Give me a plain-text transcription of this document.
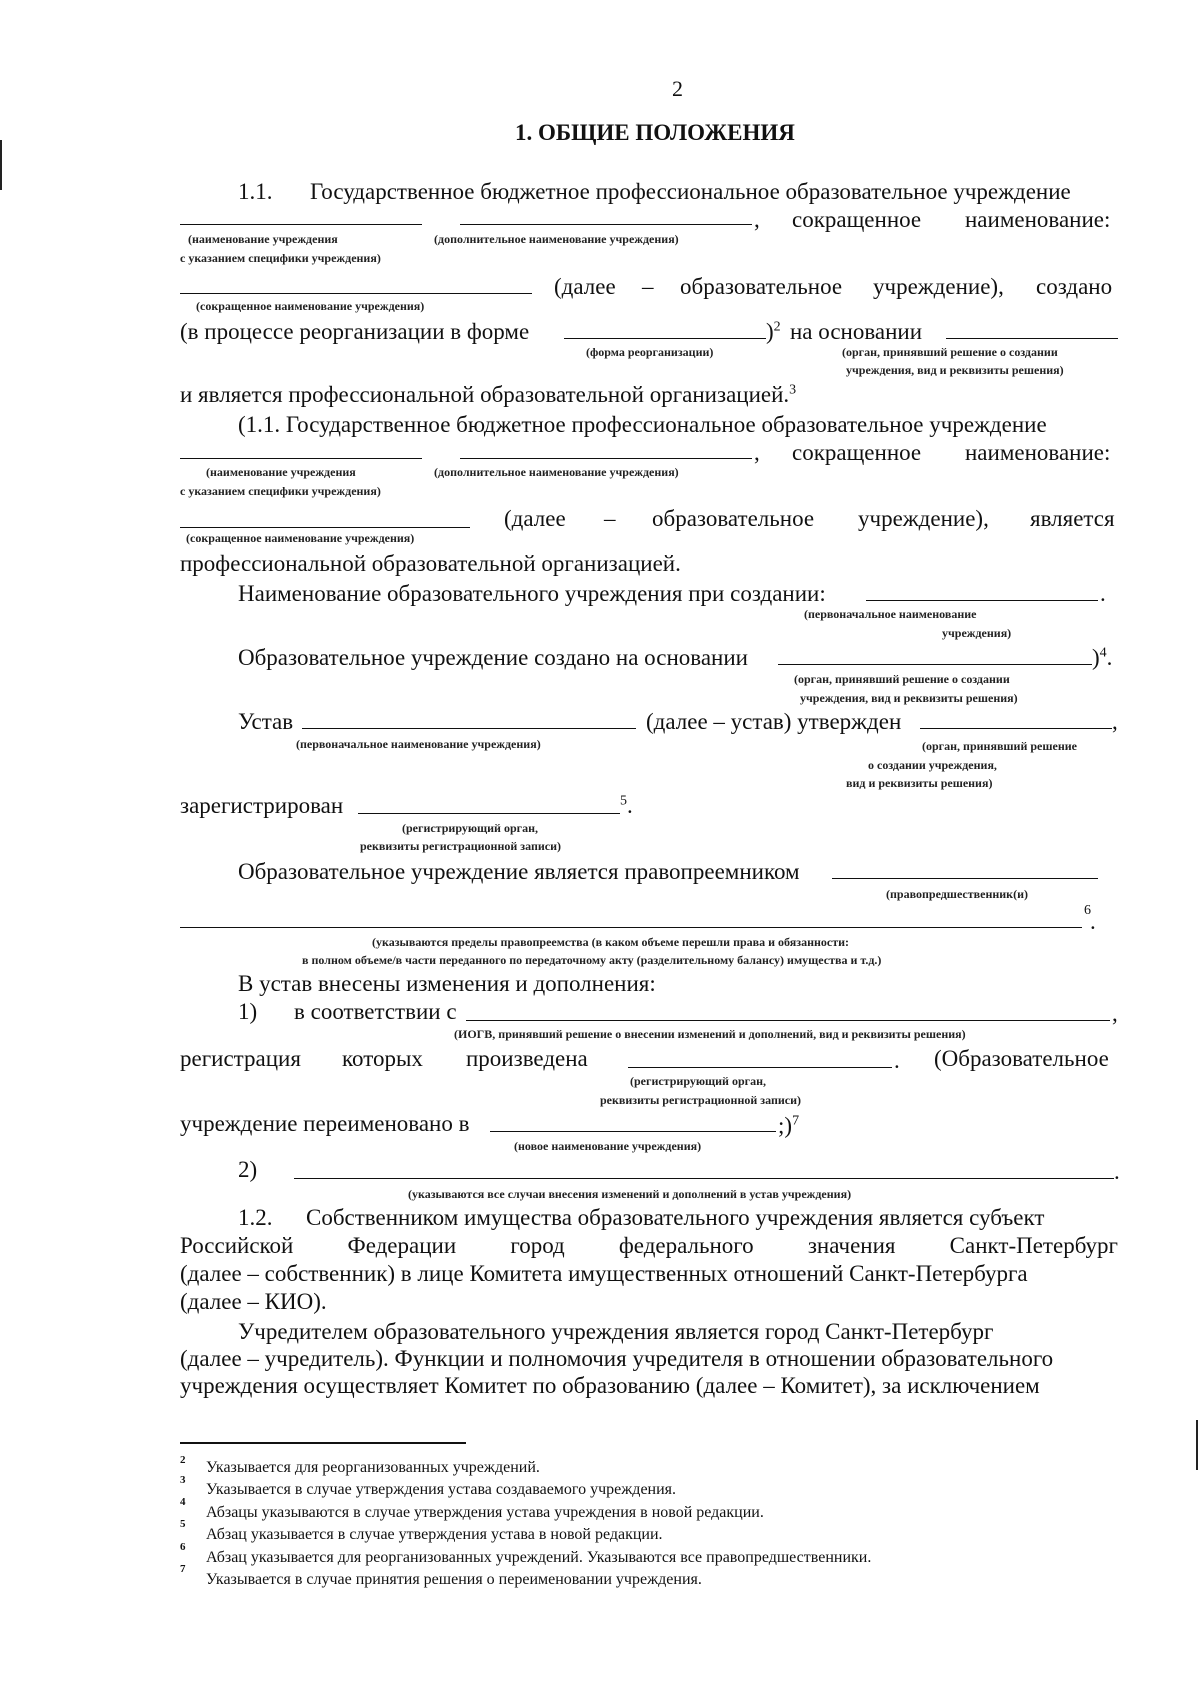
2
1. ОБЩИЕ ПОЛОЖЕНИЯ
1.1. Государственное бюджетное профессиональное образовательное учреждение
, сокращенное наименование:
(наименование учреждения
с указанием специфики учреждения)
(дополнительное наименование учреждения)
(далее – образовательное учреждение), создано
(сокращенное наименование учреждения)
(в процессе реорганизации в форме	)$^2$ на основании
(форма реорганизации)	(орган, принявший решение о создании
учреждения, вид и реквизиты решения)
и является профессиональной образовательной организацией.$^3$
(1.1. Государственное бюджетное профессиональное образовательное учреждение
, сокращенное наименование:
(наименование учреждения
с указанием специфики учреждения)
(дополнительное наименование учреждения)
(далее – образовательное учреждение), является
(сокращенное наименование учреждения)
профессиональной образовательной организацией.
Наименование образовательного учреждения при создании:	.
(первоначальное наименование
учреждения)
Образовательное учреждение создано на основании	)$^4$.
(орган, принявший решение о создании
учреждения, вид и реквизиты решения)
Устав	(далее – устав) утвержден	,
(первоначальное наименование учреждения)	(орган, принявший решение
о создании учреждения,
вид и реквизиты решения)
зарегистрирован	$^5$.
(регистрирующий орган,
реквизиты регистрационной записи)
Образовательное учреждение является правопреемником
(правопредшественник(и)
6 .
(указываются пределы правопреемства (в каком объеме перешли права и обязанности:
в полном объеме/в части переданного по передаточному акту (разделительному балансу) имущества и т.д.)
В устав внесены изменения и дополнения:
1) в соответствии с	,
(ИОГВ, принявший решение о внесении изменений и дополнений, вид и реквизиты решения)
регистрация которых произведена	. (Образовательное
(регистрирующий орган,
реквизиты регистрационной записи)
учреждение переименовано в	;)$^7$
(новое наименование учреждения)
2)	.
(указываются все случаи внесения изменений и дополнений в устав учреждения)
1.2. Собственником имущества образовательного учреждения является субъект
Российской Федерации город федерального значения Санкт-Петербург
(далее – собственник) в лице Комитета имущественных отношений Санкт-Петербурга
(далее – КИО).
Учредителем образовательного учреждения является город Санкт-Петербург
(далее – учредитель). Функции и полномочия учредителя в отношении образовательного
учреждения осуществляет Комитет по образованию (далее – Комитет), за исключением
2 Указывается для реорганизованных учреждений.
3
Указывается в случае утверждения устава создаваемого учреждения.
4
Абзацы указываются в случае утверждения устава учреждения в новой редакции.
5
Абзац указывается в случае утверждения устава в новой редакции.
6
Абзац указывается для реорганизованных учреждений. Указываются все правопредшественники.
7
Указывается в случае принятия решения о переименовании учреждения.
